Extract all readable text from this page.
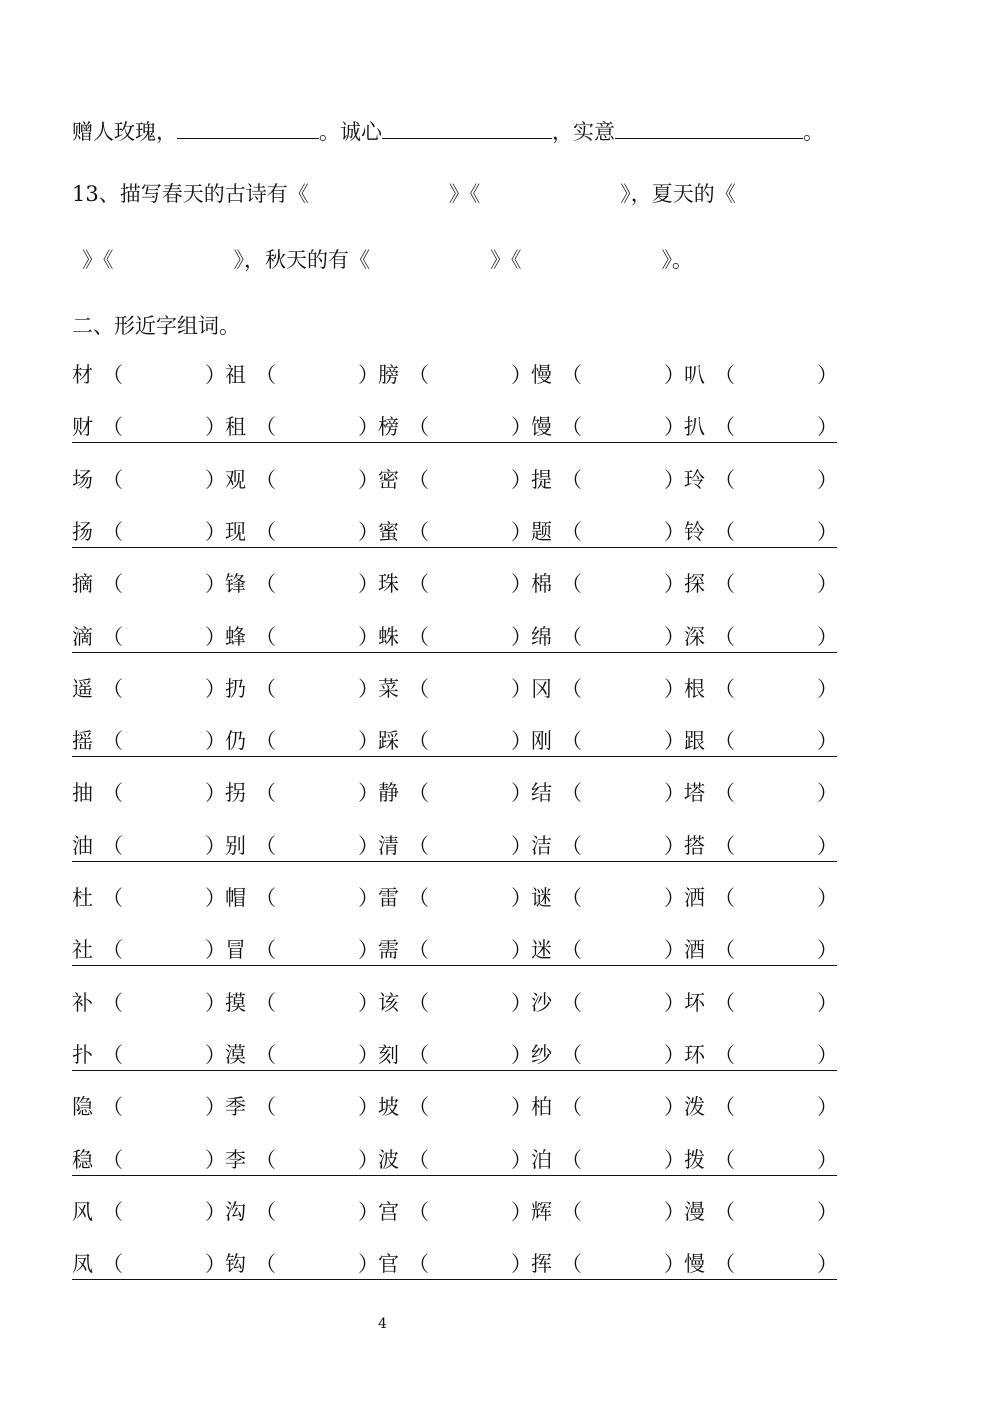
赠人玫瑰，	。诚心	，实意	。
13、描写春天的古诗有《	》《	》，夏天的《
》《	》，秋天的有《	》《	》。
二、形近字组词。
材 （	） 祖 （	） 膀 （	） 慢 （	） 叭 （	）
财 （	） 租 （	） 榜 （	） 馒 （	） 扒 （	）
场 （	） 观 （	） 密 （	） 提 （	） 玲 （	）
扬 （	） 现 （	） 蜜 （	） 题 （	） 铃 （	）
摘 （	） 锋 （	） 珠 （	） 棉 （	） 探 （	）
滴 （	） 蜂 （	） 蛛 （	） 绵 （	） 深 （	）
遥 （	） 扔 （	） 菜 （	） 冈 （	） 根 （	）
摇 （	） 仍 （	） 踩 （	） 刚 （	） 跟 （	）
抽 （	） 拐 （	） 静 （	） 结 （	） 塔 （	）
油 （	） 别 （	） 清 （	） 洁 （	） 搭 （	）
杜 （	） 帽 （	） 雷 （	） 谜 （	） 洒 （	）
社 （	） 冒 （	） 需 （	） 迷 （	） 酒 （	）
补 （	） 摸 （	） 该 （	） 沙 （	） 坏 （	）
扑 （	） 漠 （	） 刻 （	） 纱 （	） 环 （	）
隐 （	） 季 （	） 坡 （	） 柏 （	） 泼 （	）
稳 （	） 李 （	） 波 （	） 泊 （	） 拨 （	）
风 （	） 沟 （	） 宫 （	） 辉 （	） 漫 （	）
凤 （	） 钩 （	） 官 （	） 挥 （	） 慢 （	）
4
